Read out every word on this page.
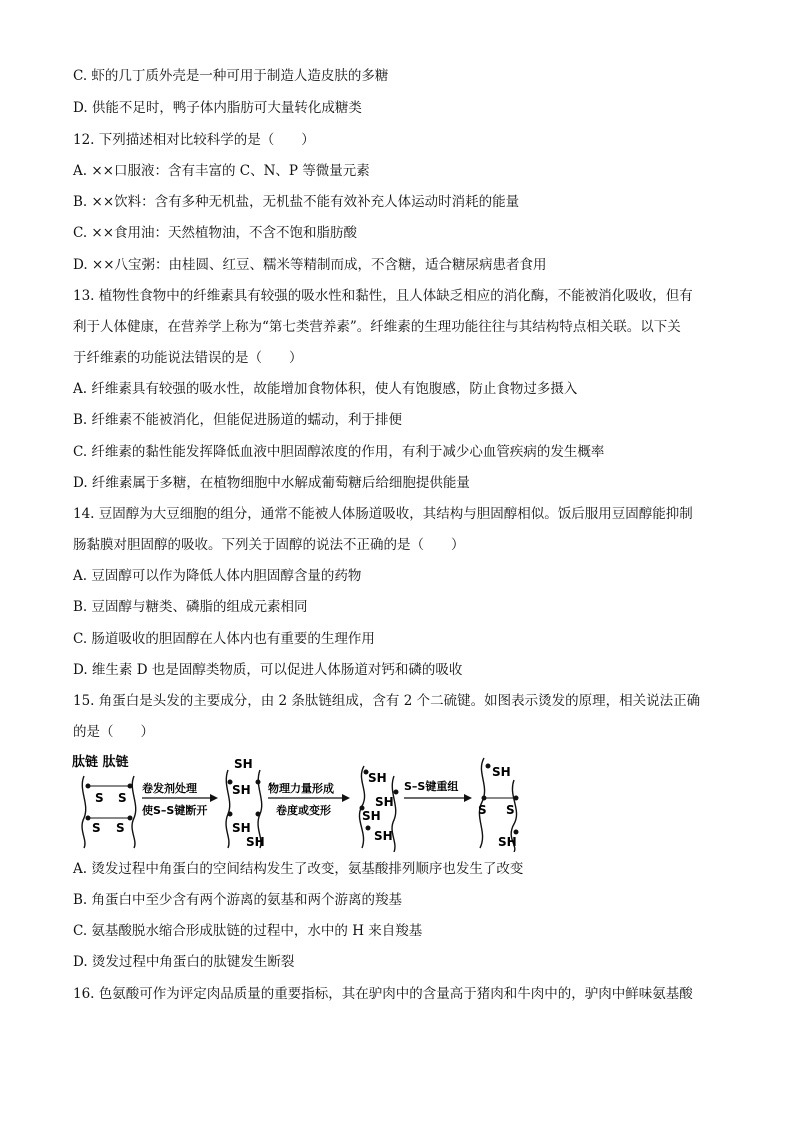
C. 虾的几丁质外壳是一种可用于制造人造皮肤的多糖
D. 供能不足时，鸭子体内脂肪可大量转化成糖类
12. 下列描述相对比较科学的是（　　）
A. ××口服液：含有丰富的 C、N、P 等微量元素
B. ××饮料：含有多种无机盐，无机盐不能有效补充人体运动时消耗的能量
C. ××食用油：天然植物油，不含不饱和脂肪酸
D. ××八宝粥：由桂圆、红豆、糯米等精制而成，不含糖，适合糖尿病患者食用
13. 植物性食物中的纤维素具有较强的吸水性和黏性，且人体缺乏相应的消化酶，不能被消化吸收，但有
利于人体健康，在营养学上称为“第七类营养素”。纤维素的生理功能往往与其结构特点相关联。以下关
于纤维素的功能说法错误的是（　　）
A. 纤维素具有较强的吸水性，故能增加食物体积，使人有饱腹感，防止食物过多摄入
B. 纤维素不能被消化，但能促进肠道的蠕动，利于排便
C. 纤维素的黏性能发挥降低血液中胆固醇浓度的作用，有利于减少心血管疾病的发生概率
D. 纤维素属于多糖，在植物细胞中水解成葡萄糖后给细胞提供能量
14. 豆固醇为大豆细胞的组分，通常不能被人体肠道吸收，其结构与胆固醇相似。饭后服用豆固醇能抑制
肠黏膜对胆固醇的吸收。下列关于固醇的说法不正确的是（　　）
A. 豆固醇可以作为降低人体内胆固醇含量的药物
B. 豆固醇与糖类、磷脂的组成元素相同
C. 肠道吸收的胆固醇在人体内也有重要的生理作用
D. 维生素 D 也是固醇类物质，可以促进人体肠道对钙和磷的吸收
15. 角蛋白是头发的主要成分，由 2 条肽链组成，含有 2 个二硫键。如图表示烫发的原理，相关说法正确
的是（　　）
肽链 肽链
S S
S S
卷发剂处理
使S–S键断开
SH
SH
SH
SH
物理力量形成
卷度或变形
SH
SH
SH
SH
S–S键重组
SH
S S
SH
A. 烫发过程中角蛋白的空间结构发生了改变，氨基酸排列顺序也发生了改变
B. 角蛋白中至少含有两个游离的氨基和两个游离的羧基
C. 氨基酸脱水缩合形成肽链的过程中，水中的 H 来自羧基
D. 烫发过程中角蛋白的肽键发生断裂
16. 色氨酸可作为评定肉品质量的重要指标，其在驴肉中的含量高于猪肉和牛肉中的，驴肉中鲜味氨基酸
